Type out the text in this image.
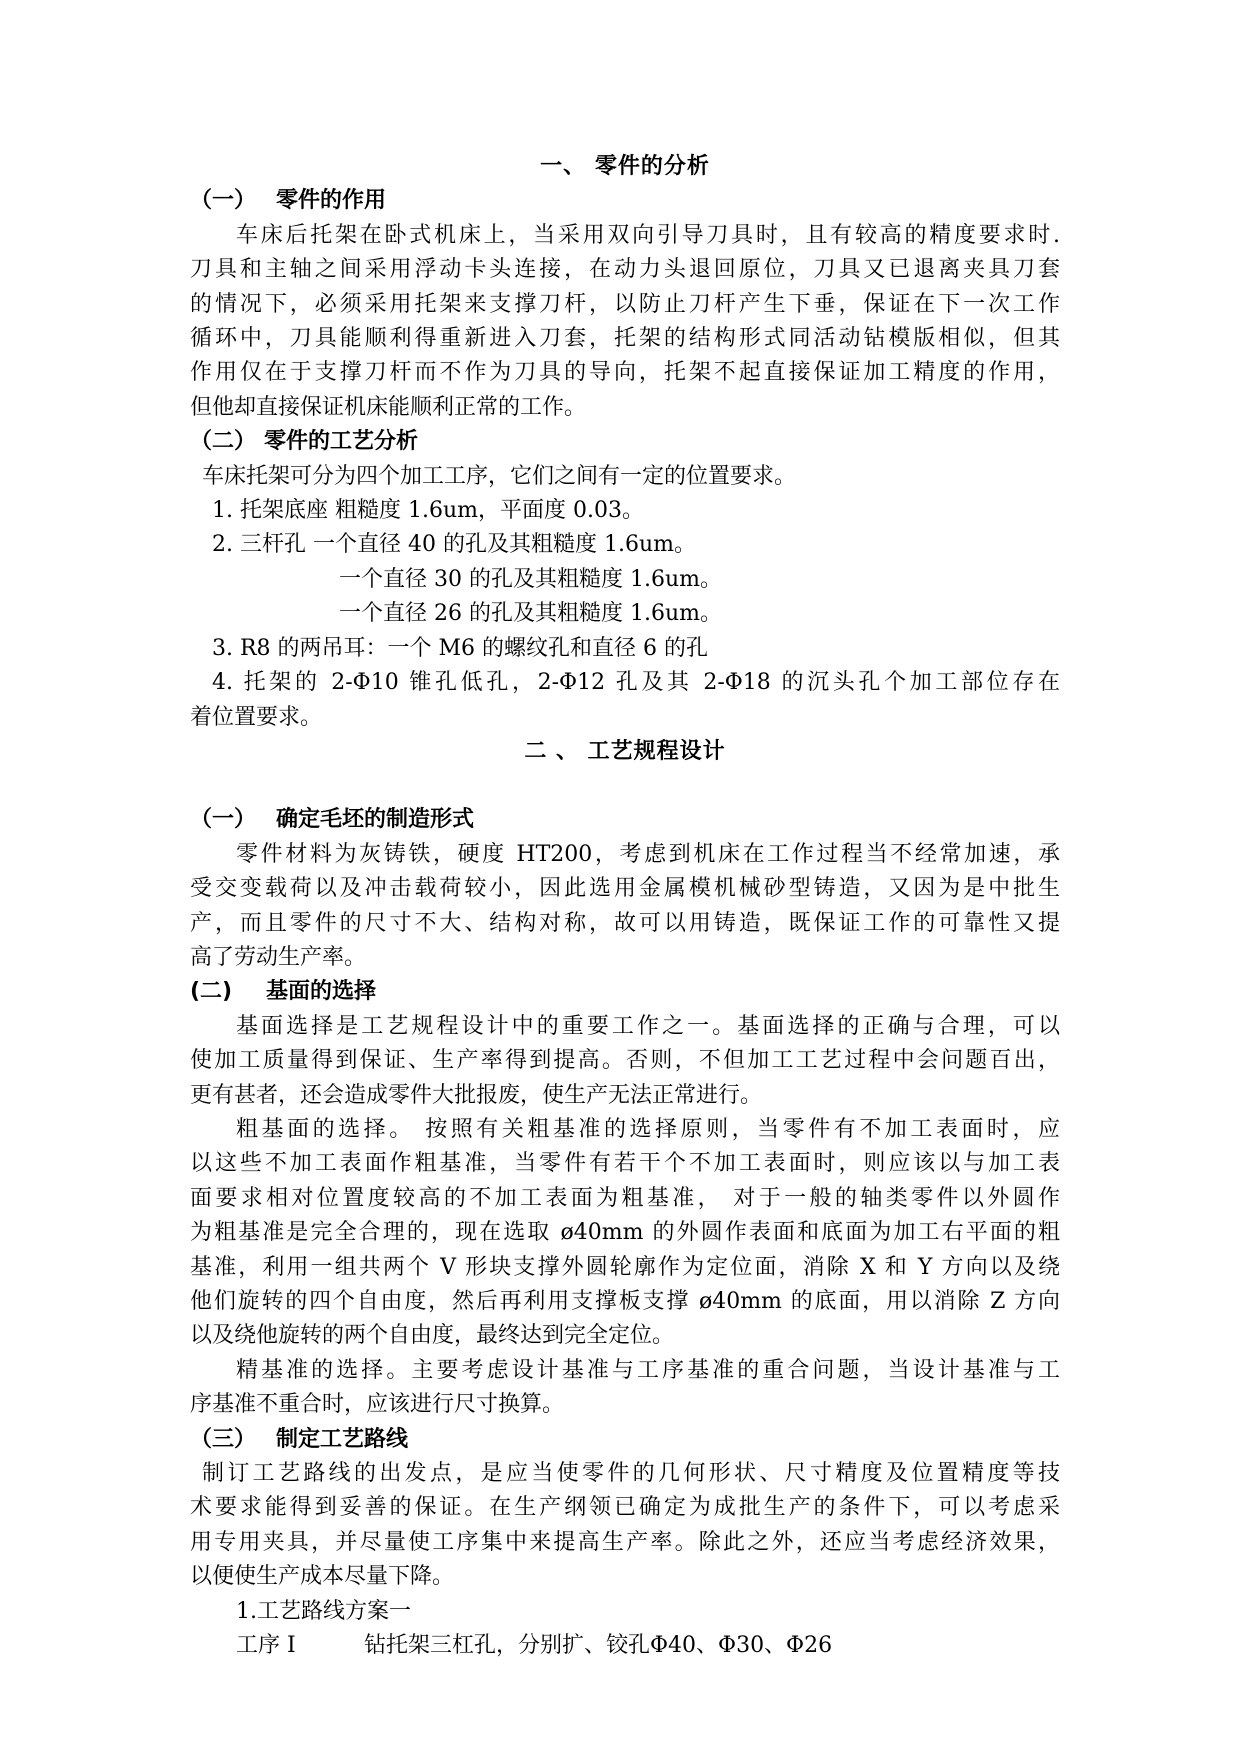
一、 零件的分析
（一） 零件的作用
车床后托架在卧式机床上，当采用双向引导刀具时，且有较高的精度要求时.
刀具和主轴之间采用浮动卡头连接，在动力头退回原位，刀具又已退离夹具刀套
的情况下，必须采用托架来支撑刀杆，以防止刀杆产生下垂，保证在下一次工作
循环中，刀具能顺利得重新进入刀套，托架的结构形式同活动钻模版相似，但其
作用仅在于支撑刀杆而不作为刀具的导向，托架不起直接保证加工精度的作用，
但他却直接保证机床能顺利正常的工作。
（二） 零件的工艺分析
车床托架可分为四个加工工序，它们之间有一定的位置要求。
1. 托架底座 粗糙度 1.6um，平面度 0.03。
2. 三杆孔 一个直径 40 的孔及其粗糙度 1.6um。
一个直径 30 的孔及其粗糙度 1.6um。
一个直径 26 的孔及其粗糙度 1.6um。
3. R8 的两吊耳：一个 M6 的螺纹孔和直径 6 的孔
4. 托架的 2-Φ10 锥孔低孔，2-Φ12 孔及其 2-Φ18 的沉头孔个加工部位存在
着位置要求。
二 、 工艺规程设计
（一） 确定毛坯的制造形式
零件材料为灰铸铁，硬度 HT200，考虑到机床在工作过程当不经常加速，承
受交变载荷以及冲击载荷较小，因此选用金属模机械砂型铸造，又因为是中批生
产，而且零件的尺寸不大、结构对称，故可以用铸造，既保证工作的可靠性又提
高了劳动生产率。
(二) 基面的选择
基面选择是工艺规程设计中的重要工作之一。基面选择的正确与合理，可以
使加工质量得到保证、生产率得到提高。否则，不但加工工艺过程中会问题百出，
更有甚者，还会造成零件大批报废，使生产无法正常进行。
粗基面的选择。 按照有关粗基准的选择原则，当零件有不加工表面时，应
以这些不加工表面作粗基准，当零件有若干个不加工表面时，则应该以与加工表
面要求相对位置度较高的不加工表面为粗基准， 对于一般的轴类零件以外圆作
为粗基准是完全合理的，现在选取 ø40mm 的外圆作表面和底面为加工右平面的粗
基准，利用一组共两个 V 形块支撑外圆轮廓作为定位面，消除 X 和 Y 方向以及绕
他们旋转的四个自由度，然后再利用支撑板支撑 ø40mm 的底面，用以消除 Z 方向
以及绕他旋转的两个自由度，最终达到完全定位。
精基准的选择。主要考虑设计基准与工序基准的重合问题，当设计基准与工
序基准不重合时，应该进行尺寸换算。
（三） 制定工艺路线
制订工艺路线的出发点，是应当使零件的几何形状、尺寸精度及位置精度等技
术要求能得到妥善的保证。在生产纲领已确定为成批生产的条件下，可以考虑采
用专用夹具，并尽量使工序集中来提高生产率。除此之外，还应当考虑经济效果，
以便使生产成本尽量下降。
1.工艺路线方案一
工序 I	钻托架三杠孔，分别扩、铰孔Φ40、Φ30、Φ26
